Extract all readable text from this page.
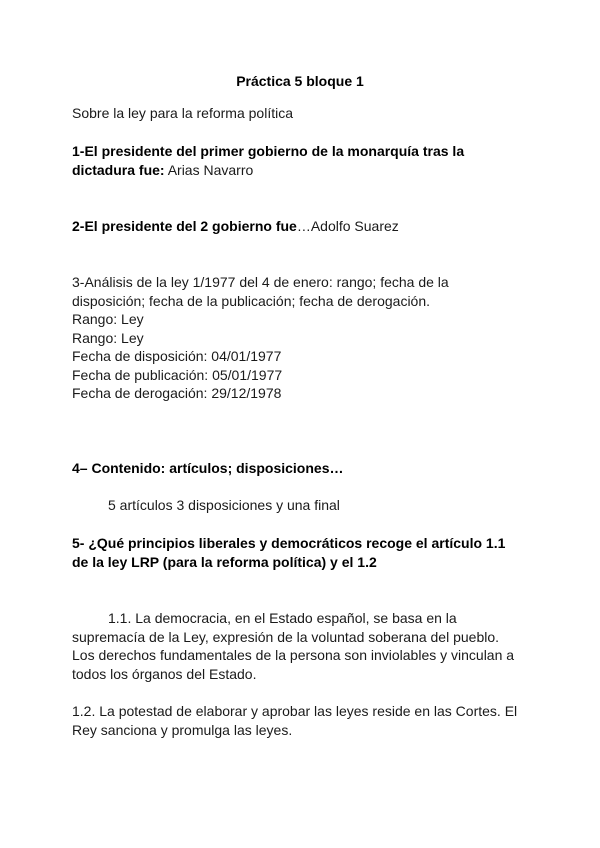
Práctica 5 bloque 1
Sobre la ley para la reforma política
1-El presidente del primer gobierno de la monarquía tras la
dictadura fue: Arias Navarro
2-El presidente del 2 gobierno fue…Adolfo Suarez
3-Análisis de la ley 1/1977 del 4 de enero: rango; fecha de la
disposición; fecha de la publicación; fecha de derogación.
Rango: Ley
Rango: Ley
Fecha de disposición: 04/01/1977
Fecha de publicación: 05/01/1977
Fecha de derogación: 29/12/1978
4– Contenido: artículos; disposiciones…
5 artículos 3 disposiciones y una final
5- ¿Qué principios liberales y democráticos recoge el artículo 1.1
de la ley LRP (para la reforma política) y el 1.2
1.1. La democracia, en el Estado español, se basa en la
supremacía de la Ley, expresión de la voluntad soberana del pueblo.
Los derechos fundamentales de la persona son inviolables y vinculan a
todos los órganos del Estado.
1.2. La potestad de elaborar y aprobar las leyes reside en las Cortes. El
Rey sanciona y promulga las leyes.
